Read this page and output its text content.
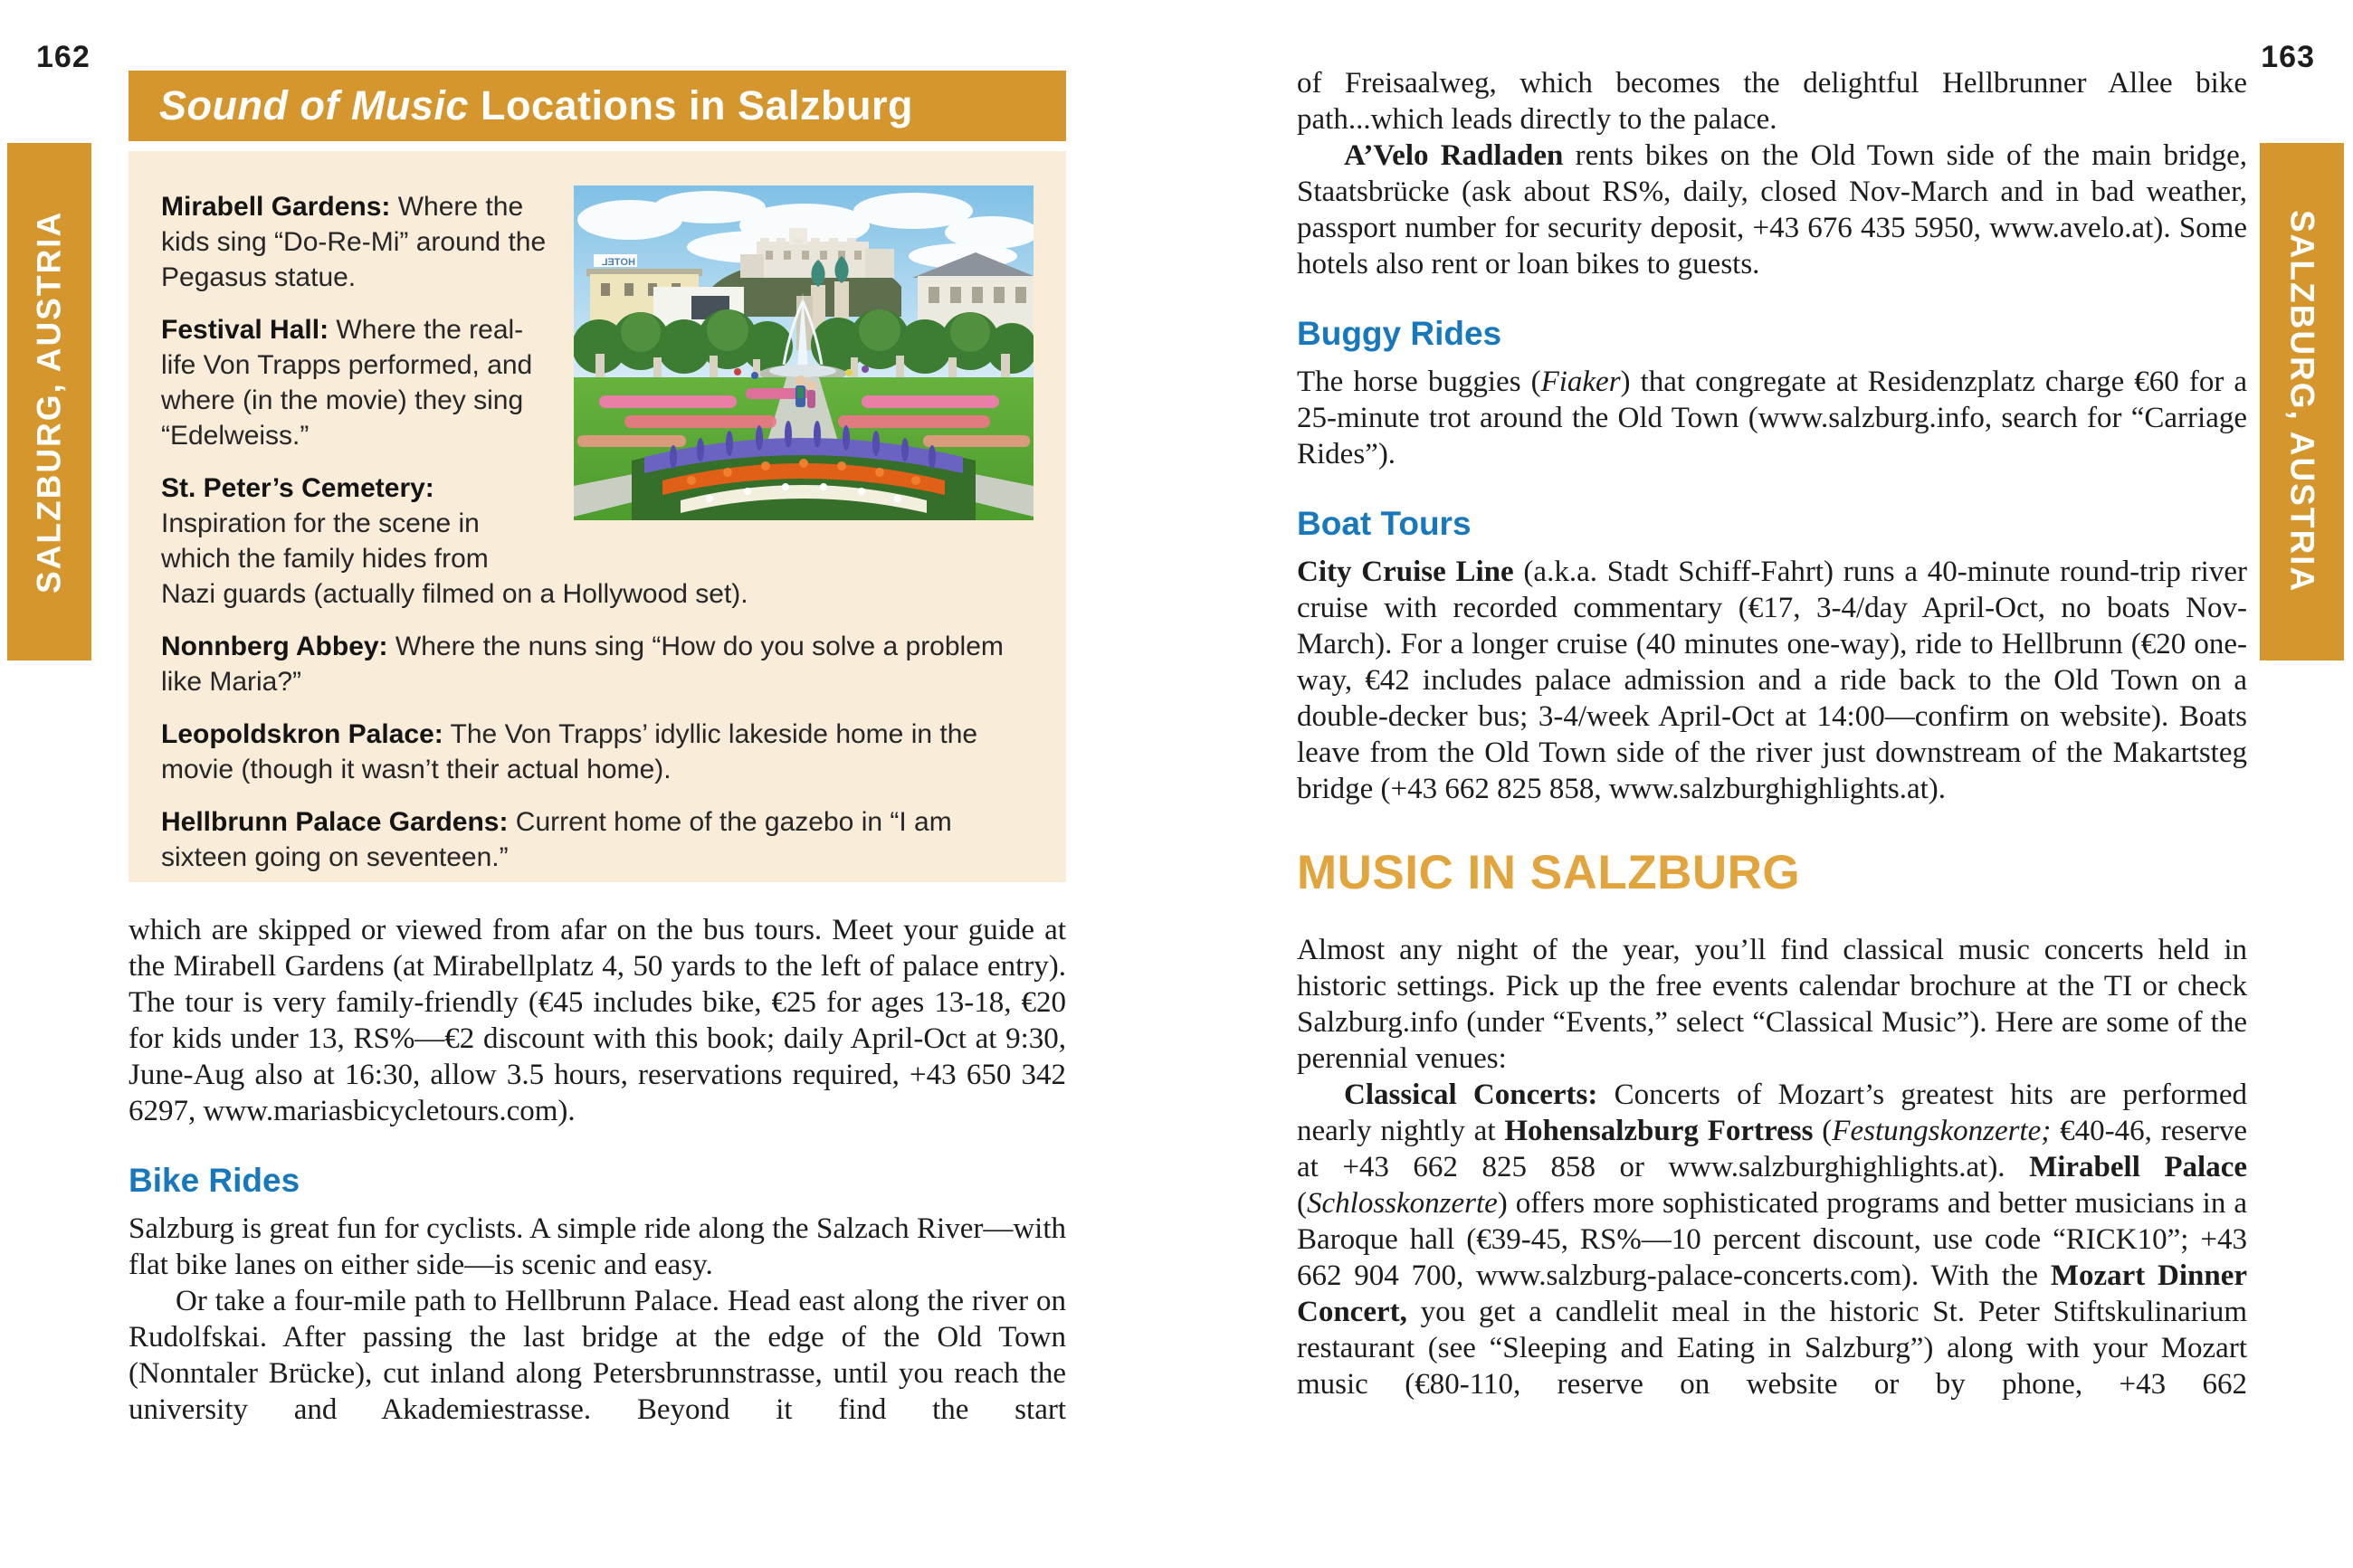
162	163
SALZBURG, AUSTRIA	SALZBURG, AUSTRIA
Sound of Music Locations in Salzburg
HOTEL

Mirabell Gardens: Where the kids sing “Do-Re-Mi” around the Pegasus statue.

Festival Hall: Where the real-life Von Trapps performed, and where (in the movie) they sing “Edelweiss.”

St. Peter’s Cemetery: Inspiration for the scene in which the family hides from Nazi guards (actually filmed on a Hollywood set).

Nonnberg Abbey: Where the nuns sing “How do you solve a problem like Maria?”

Leopoldskron Palace: The Von Trapps’ idyllic lakeside home in the movie (though it wasn’t their actual home).

Hellbrunn Palace Gardens: Current home of the gazebo in “I am sixteen going on seventeen.”

which are skipped or viewed from afar on the bus tours. Meet your guide at the Mirabell Gardens (at Mirabellplatz 4, 50 yards to the left of palace entry). The tour is very family-friendly (€45 includes bike, €25 for ages 13-18, €20 for kids under 13, RS%—€2 discount with this book; daily April-Oct at 9:30, June-Aug also at 16:30, allow 3.5 hours, reservations required, +43 650 342 6297, www.mariasbicycletours.com).

Bike Rides

Salzburg is great fun for cyclists. A simple ride along the Salzach River—with flat bike lanes on either side—is scenic and easy.

Or take a four-mile path to Hellbrunn Palace. Head east along the river on Rudolfskai. After passing the last bridge at the edge of the Old Town (Nonntaler Brücke), cut inland along Petersbrunnstrasse, until you reach the university and Akademiestrasse. Beyond it find the start

of Freisaalweg, which becomes the delightful Hellbrunner Allee bike path...which leads directly to the palace.

A’Velo Radladen rents bikes on the Old Town side of the main bridge, Staatsbrücke (ask about RS%, daily, closed Nov-March and in bad weather, passport number for security deposit, +43 676 435 5950, www.avelo.at). Some hotels also rent or loan bikes to guests.

Buggy Rides

The horse buggies (Fiaker) that congregate at Residenzplatz charge €60 for a 25-minute trot around the Old Town (www.salzburg.info, search for “Carriage Rides”).

Boat Tours

City Cruise Line (a.k.a. Stadt Schiff-Fahrt) runs a 40-minute round-trip river cruise with recorded commentary (€17, 3-4/day April-Oct, no boats Nov-March). For a longer cruise (40 minutes one-way), ride to Hellbrunn (€20 one-way, €42 includes palace admission and a ride back to the Old Town on a double-decker bus; 3-4/week April-Oct at 14:00—confirm on website). Boats leave from the Old Town side of the river just downstream of the Makartsteg bridge (+43 662 825 858, www.salzburghighlights.at).

MUSIC IN SALZBURG

Almost any night of the year, you’ll find classical music concerts held in historic settings. Pick up the free events calendar brochure at the TI or check Salzburg.info (under “Events,” select “Classical Music”). Here are some of the perennial venues:

Classical Concerts: Concerts of Mozart’s greatest hits are performed nearly nightly at Hohensalzburg Fortress (Festungskonzerte; €40-46, reserve at +43 662 825 858 or www.salzburghighlights.at). Mirabell Palace (Schlosskonzerte) offers more sophisticated programs and better musicians in a Baroque hall (€39-45, RS%—10 percent discount, use code “RICK10”; +43 662 904 700, www.salzburg-palace-concerts.com). With the Mozart Dinner Concert, you get a candlelit meal in the historic St. Peter Stiftskulinarium restaurant (see “Sleeping and Eating in Salzburg”) along with your Mozart music (€80-110, reserve on website or by phone, +43 662
